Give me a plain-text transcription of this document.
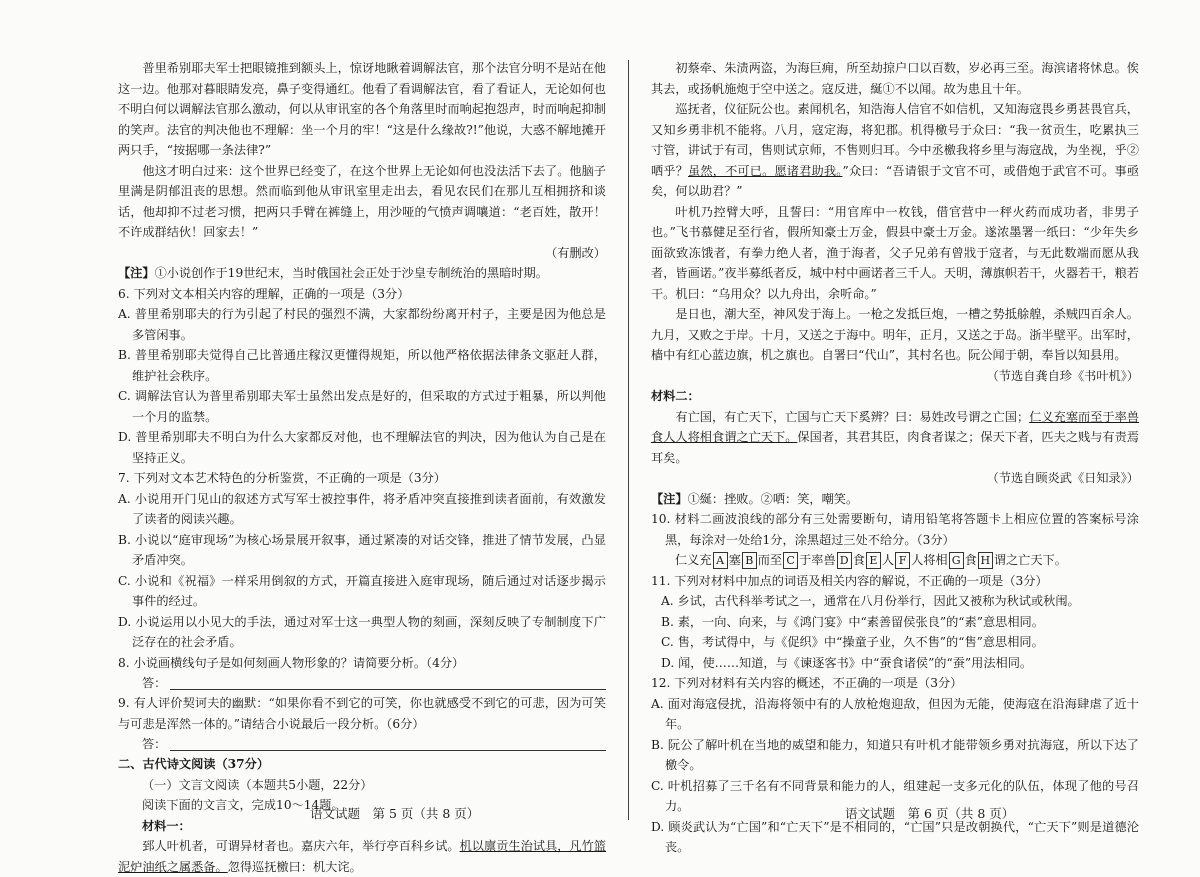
普里希别耶夫军士把眼镜推到额头上，惊讶地瞅着调解法官，那个法官分明不是站在他这一边。他那对暮眼睛发亮，鼻子变得通红。他看了看调解法官，看了看证人，无论如何也不明白何以调解法官那么激动，何以从审讯室的各个角落里时而响起抱怨声，时而响起抑制的笑声。法官的判决他也不理解：坐一个月的牢！“这是什么缘故?!”他说，大惑不解地摊开两只手，“按据哪一条法律?”

他这才明白过来：这个世界已经变了，在这个世界上无论如何也没法活下去了。他脑子里满是阴郁沮丧的思想。然而临到他从审讯室里走出去，看见农民们在那儿互相拥挤和谈话，他却抑不过老习惯，把两只手臂在裤缝上，用沙哑的气愤声调嚷道：“老百姓，散开！不许成群结伙！回家去！”

（有删改）

【注】①小说创作于19世纪末，当时俄国社会正处于沙皇专制统治的黑暗时期。

6. 下列对文本相关内容的理解，正确的一项是（3分）

A. 普里希别耶夫的行为引起了村民的强烈不满，大家都纷纷离开村子，主要是因为他总是多管闲事。

B. 普里希别耶夫觉得自己比普通庄稼汉更懂得规矩，所以他严格依据法律条文驱赶人群，维护社会秩序。

C. 调解法官认为普里希别耶夫军士虽然出发点是好的，但采取的方式过于粗暴，所以判他一个月的监禁。

D. 普里希别耶夫不明白为什么大家都反对他，也不理解法官的判决，因为他认为自己是在坚持正义。

7. 下列对文本艺术特色的分析鉴赏，不正确的一项是（3分）

A. 小说用开门见山的叙述方式写军士被控事件，将矛盾冲突直接推到读者面前，有效激发了读者的阅读兴趣。

B. 小说以“庭审现场”为核心场景展开叙事，通过紧凑的对话交锋，推进了情节发展，凸显矛盾冲突。

C. 小说和《祝福》一样采用倒叙的方式，开篇直接进入庭审现场，随后通过对话逐步揭示事件的经过。

D. 小说运用以小见大的手法，通过对军士这一典型人物的刻画，深刻反映了专制制度下广泛存在的社会矛盾。

8. 小说画横线句子是如何刻画人物形象的？请简要分析。（4分）

答：

9. 有人评价契诃夫的幽默：“如果你看不到它的可笑，你也就感受不到它的可悲，因为可笑与可悲是浑然一体的。”请结合小说最后一段分析。（6分）

答：

二、古代诗文阅读（37分）

（一）文言文阅读（本题共5小题，22分）

阅读下面的文言文，完成10～14题。

材料一：

郅人叶机者，可谓异材者也。嘉庆六年，举行亭百科乡试。机以廪贡生治试具，凡竹篮泥炉油纸之属悉备。忽得巡抚檄曰：机大诧。

初蔡牵、朱渍两盗，为海巨痈，所至劫掠户口以百数，岁必再三至。海滨诸将怵息。俟其去，或扬帆施炮于空中送之。寇反进，綖①不以闻。故为患且十年。

巡抚者，仪征阮公也。素闻机名，知浩海人信官不如信机，又知海寇畏乡勇甚畏官兵，又知乡勇非机不能将。八月，寇定海，将犯郡。机得檄号于众曰：“我一贫贡生，吃累执三寸管，讲试于有司，售则试京师，不售则归耳。今中丞檄我将乡里与海寇战，为坐视，乎②哂乎？虽然，不可已。愿诸君助我。”众曰：“吾请银于文官不可，或借炮于武官不可。事亟矣，何以助君？”

叶机乃控臂大呼，且誓曰：“用官库中一枚钱，借官营中一秤火药而成功者，非男子也。”飞书慕健足至行省，假所知豪士万金，假县中豪士万金。遂浓墨署一纸曰：“少年失乡面欲致冻饿者，有拳力绝人者，渔于海者，父子兄弟有曾戕于寇者，与无此数端而愿从我者，皆画诺。”夜半募纸者反，城中村中画诺者三千人。天明，薄旗帜若干，火器若干，粮若干。机曰：“乌用众？以九舟出，余听命。”

是日也，潮大至，神风发于海上。一枪之发抵巨炮，一槽之势抵艅艎，杀贼四百余人。九月，又败之于岸。十月，又送之于海中。明年，正月，又送之于岛。浙半壁平。出军时，樯中有红心蓝边旗，机之旗也。自署曰“代山”，其村名也。阮公闻于朝，奉旨以知县用。

（节选自龚自珍《书叶机》）

材料二：

有亡国，有亡天下，亡国与亡天下奚辨？曰：易姓改号谓之亡国；仁义充塞而至于率兽食人人将相食谓之亡天下。保国者，其君其臣，肉食者谋之；保天下者，匹夫之贱与有责焉耳矣。

（节选自顾炎武《日知录》）

【注】①綖：挫败。②哂：笑，嘲笑。

10. 材料二画波浪线的部分有三处需要断句，请用铅笔将答题卡上相应位置的答案标号涂黑，每涂对一处给1分，涂黑超过三处不给分。（3分）

仁义充 A 塞 B 而至 C 于率兽 D 食 E 人 F 人将相 G 食 H 谓之亡天下。

11. 下列对材料中加点的词语及相关内容的解说，不正确的一项是（3分）

A. 乡试，古代科举考试之一，通常在八月份举行，因此又被称为秋试或秋闱。

B. 素，一向、向来，与《鸿门宴》中“素善留侯张良”的“素”意思相同。

C. 售，考试得中，与《促织》中“操童子业，久不售”的“售”意思相同。

D. 闻，使……知道，与《谏逐客书》中“蚕食诸侯”的“蚕”用法相同。

12. 下列对材料有关内容的概述，不正确的一项是（3分）

A. 面对海寇侵扰，沿海将领中有的人放枪炮迎敌，但因为无能，使海寇在沿海肆虐了近十年。

B. 阮公了解叶机在当地的威望和能力，知道只有叶机才能带领乡勇对抗海寇，所以下达了檄令。

C. 叶机招募了三千名有不同背景和能力的人，组建起一支多元化的队伍，体现了他的号召力。

D. 顾炎武认为“亡国”和“亡天下”是不相同的，“亡国”只是改朝换代，“亡天下”则是道德沦丧。

语文试题　第 5 页（共 8 页）	语文试题　第 6 页（共 8 页）
